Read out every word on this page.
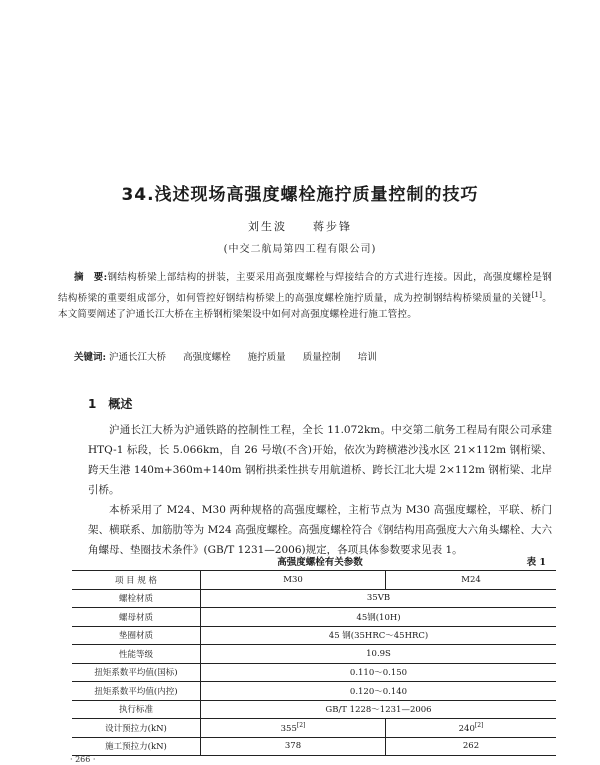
34.浅述现场高强度螺栓施拧质量控制的技巧
刘生波　　蒋步锋
(中交二航局第四工程有限公司)
摘　要:钢结构桥梁上部结构的拼装，主要采用高强度螺栓与焊接结合的方式进行连接。因此，高强度螺栓是钢结构桥梁的重要组成部分，如何管控好钢结构桥梁上的高强度螺栓施拧质量，成为控制钢结构桥梁质量的关键[1]。本文简要阐述了沪通长江大桥在主桥钢桁梁架设中如何对高强度螺栓进行施工管控。
关键词: 沪通长江大桥 高强度螺栓 施拧质量 质量控制 培训
1 概述

沪通长江大桥为沪通铁路的控制性工程，全长 11.072km。中交第二航务工程局有限公司承建 HTQ-1 标段，长 5.066km，自 26 号墩(不含)开始，依次为跨横港沙浅水区 21×112m 钢桁梁、跨天生港 140m+360m+140m 钢桁拱柔性拱专用航道桥、跨长江北大堤 2×112m 钢桁梁、北岸引桥。

本桥采用了 M24、M30 两种规格的高强度螺栓，主桁节点为 M30 高强度螺栓，平联、桥门架、横联系、加筋肋等为 M24 高强度螺栓。高强度螺栓符合《钢结构用高强度大六角头螺栓、大六角螺母、垫圈技术条件》(GB/T 1231—2006)规定，各项具体参数要求见表 1。

高强度螺栓有关参数	表 1
项 目 规 格	M30	M24
螺栓材质	35VB	
螺母材质	45钢(10H)	
垫圈材质	45 钢(35HRC～45HRC)	
性能等级	10.9S	
扭矩系数平均值(国标)	0.110～0.150	
扭矩系数平均值(内控)	0.120～0.140	
执行标准	GB/T 1228～1231—2006	
设计预拉力(kN)	355[2]	240[2]
施工预拉力(kN)	378	262
· 266 ·
